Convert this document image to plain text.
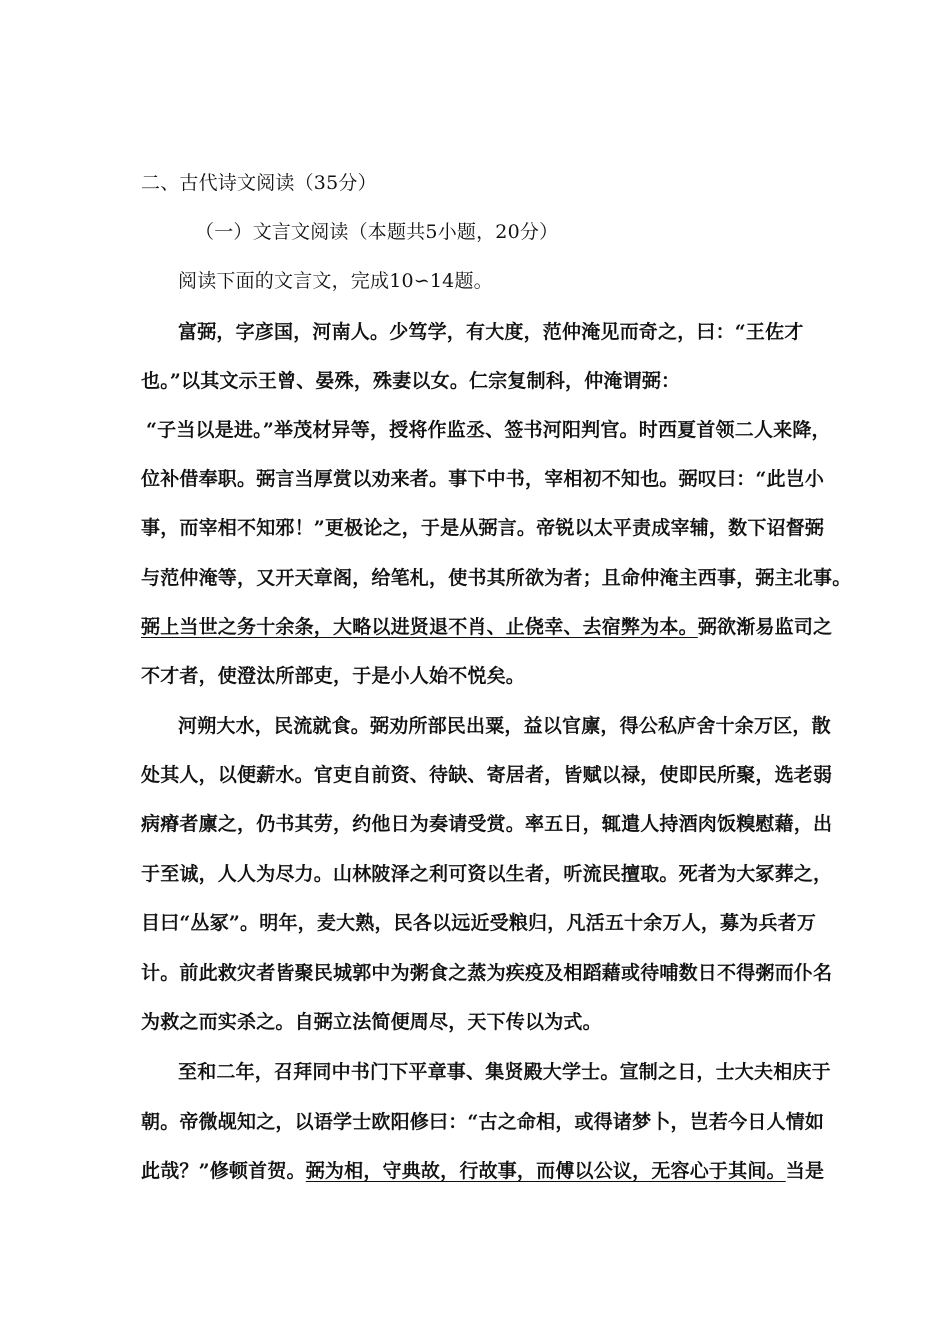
二、古代诗文阅读（35分）
（一）文言文阅读（本题共5小题，20分）
阅读下面的文言文，完成10∽14题。
富弼，字彦国，河南人。少笃学，有大度，范仲淹见而奇之，曰：“王佐才
也。”以其文示王曾、晏殊，殊妻以女。仁宗复制科，仲淹谓弼：
“子当以是进。”举茂材异等，授将作监丞、签书河阳判官。时西夏首领二人来降，
位补借奉职。弼言当厚赏以劝来者。事下中书，宰相初不知也。弼叹曰：“此岂小
事，而宰相不知邪！”更极论之，于是从弼言。帝锐以太平责成宰辅，数下诏督弼
与范仲淹等，又开天章阁，给笔札，使书其所欲为者；且命仲淹主西事，弼主北事。
弼上当世之务十余条，大略以进贤退不肖、止侥幸、去宿弊为本。弼欲渐易监司之
不才者，使澄汰所部吏，于是小人始不悦矣。
河朔大水，民流就食。弼劝所部民出粟，益以官廪，得公私庐舍十余万区，散
处其人，以便薪水。官吏自前资、待缺、寄居者，皆赋以禄，使即民所聚，选老弱
病瘠者廪之，仍书其劳，约他日为奏请受赏。率五日，辄遣人持酒肉饭糗慰藉，出
于至诚，人人为尽力。山林陂泽之利可资以生者，听流民擅取。死者为大冢葬之，
目曰“丛冢”。明年，麦大熟，民各以远近受粮归，凡活五十余万人，募为兵者万
计。前此救灾者皆聚民城郭中为粥食之蒸为疾疫及相蹈藉或待哺数日不得粥而仆名
为救之而实杀之。自弼立法简便周尽，天下传以为式。
至和二年，召拜同中书门下平章事、集贤殿大学士。宣制之日，士大夫相庆于
朝。帝微觇知之，以语学士欧阳修曰：“古之命相，或得诸梦卜，岂若今日人情如
此哉？”修顿首贺。弼为相，守典故，行故事，而傅以公议，无容心于其间。当是
